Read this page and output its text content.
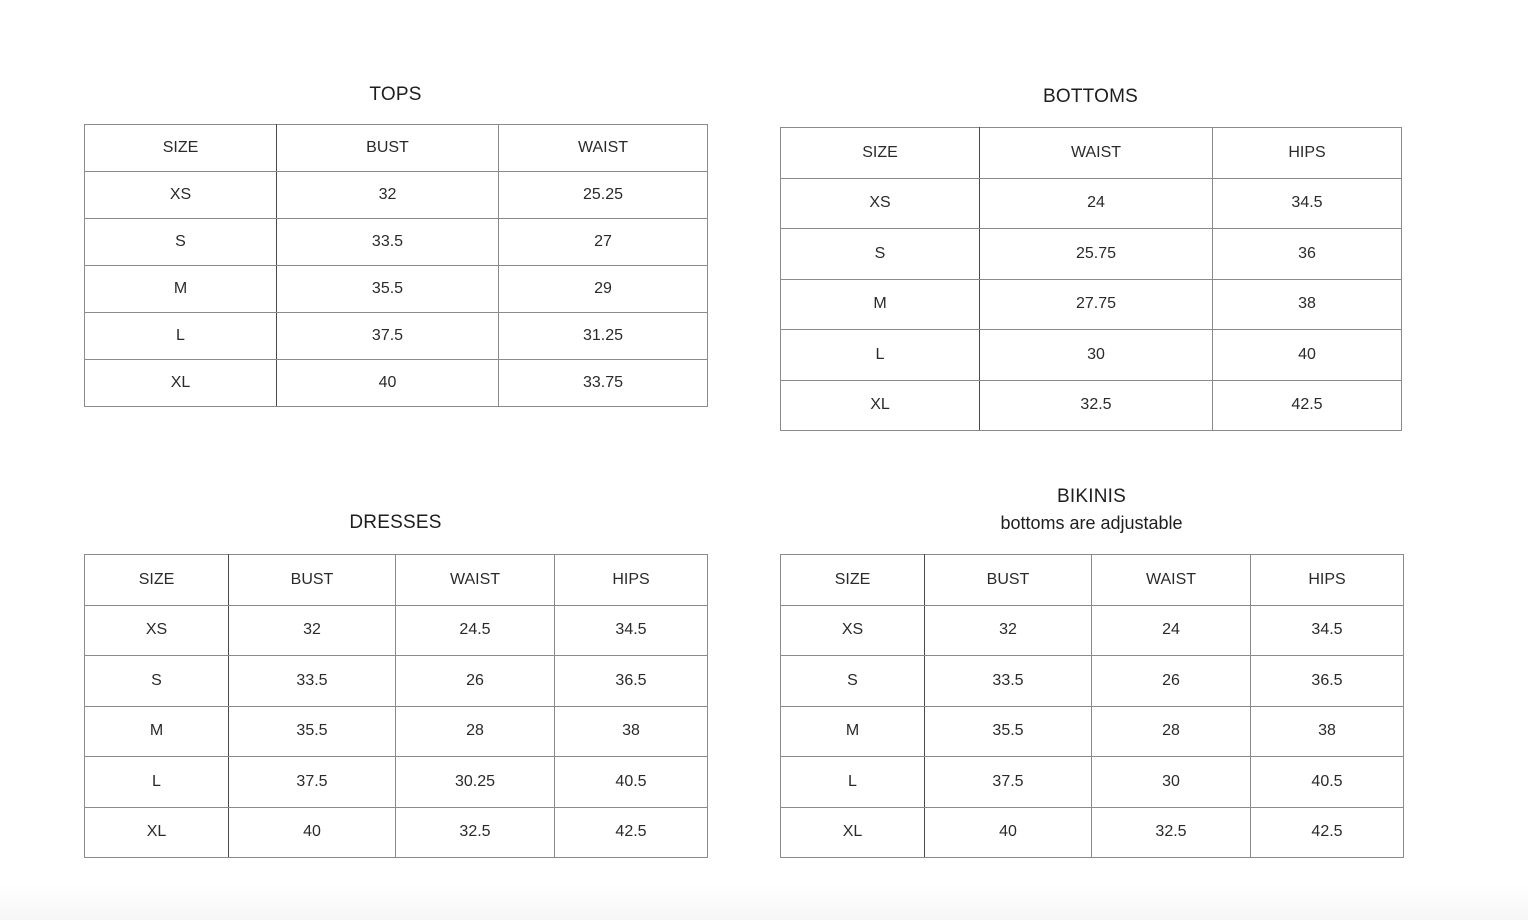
TOPS
SIZE	BUST	WAIST
XS	32	25.25
S	33.5	27
M	35.5	29
L	37.5	31.25
XL	40	33.75
BOTTOMS
SIZE	WAIST	HIPS
XS	24	34.5
S	25.75	36
M	27.75	38
L	30	40
XL	32.5	42.5
DRESSES
SIZE	BUST	WAIST	HIPS
XS	32	24.5	34.5
S	33.5	26	36.5
M	35.5	28	38
L	37.5	30.25	40.5
XL	40	32.5	42.5
BIKINIS
bottoms are adjustable
SIZE	BUST	WAIST	HIPS
XS	32	24	34.5
S	33.5	26	36.5
M	35.5	28	38
L	37.5	30	40.5
XL	40	32.5	42.5
